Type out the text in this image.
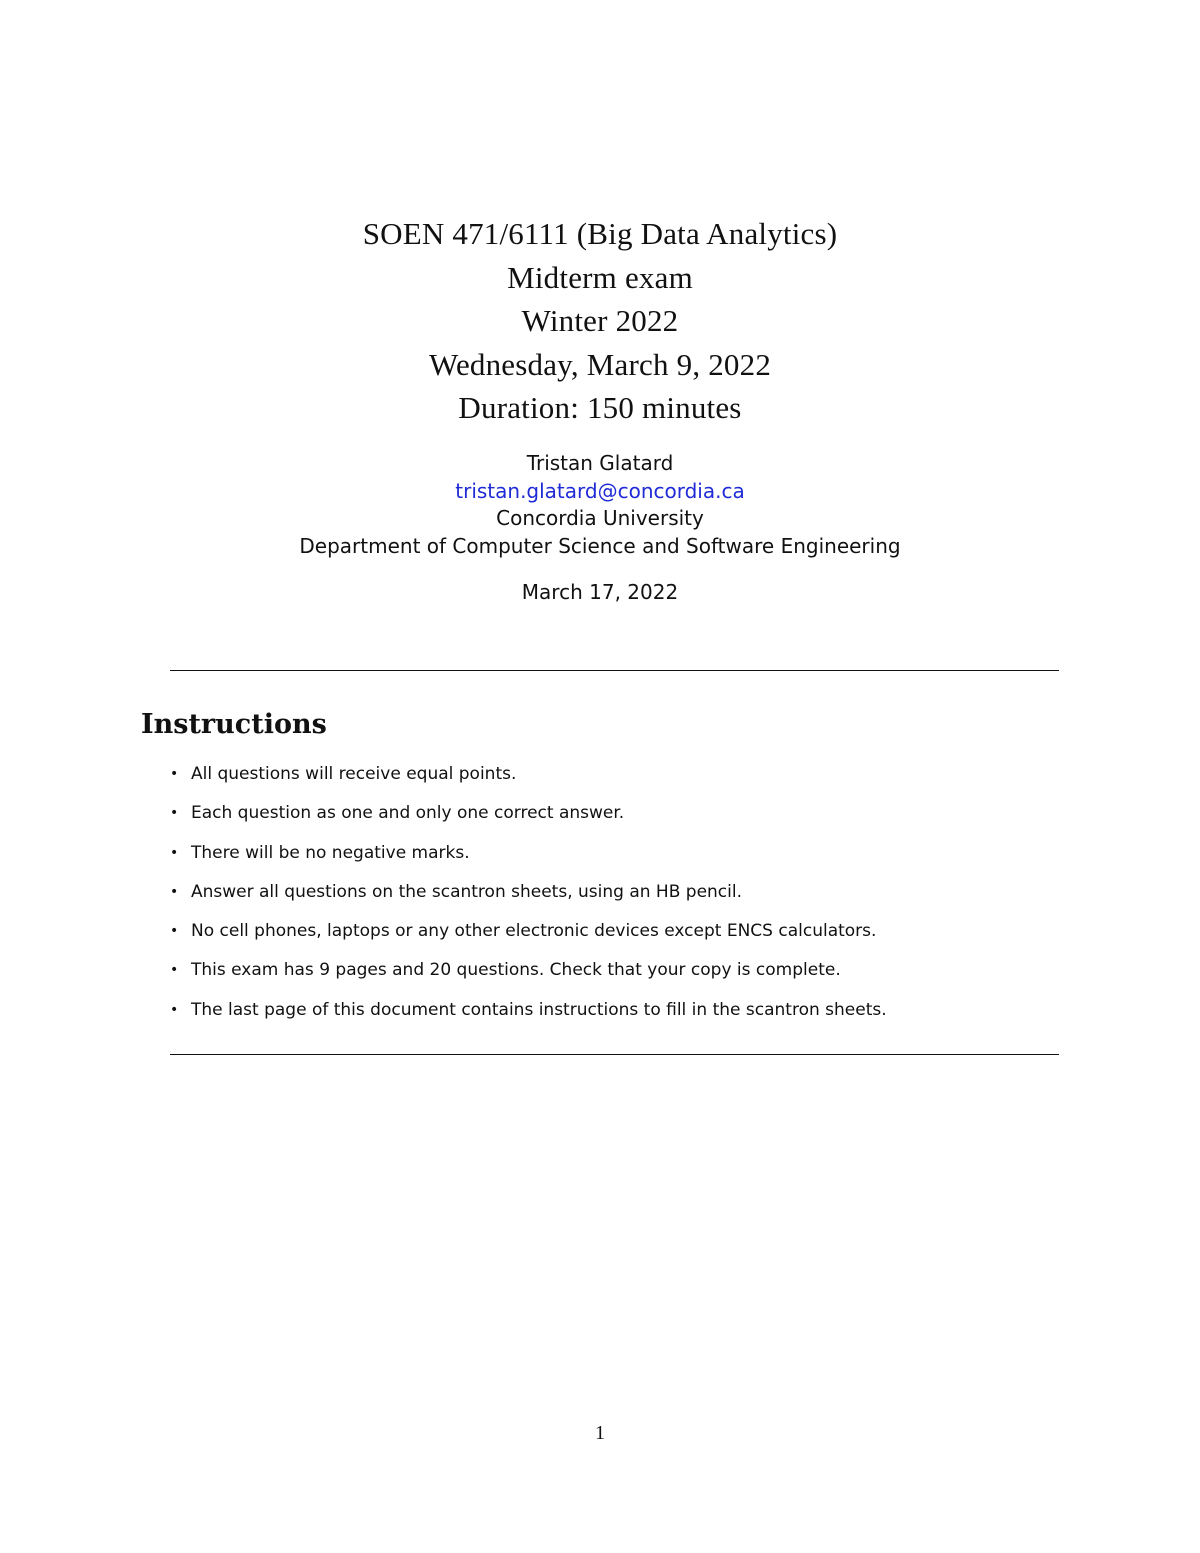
SOEN 471/6111 (Big Data Analytics)

Midterm exam

Winter 2022

Wednesday, March 9, 2022

Duration: 150 minutes

Tristan Glatard

tristan.glatard@concordia.ca

Concordia University

Department of Computer Science and Software Engineering

March 17, 2022

Instructions
• All questions will receive equal points.
• Each question as one and only one correct answer.
• There will be no negative marks.
• Answer all questions on the scantron sheets, using an HB pencil.
• No cell phones, laptops or any other electronic devices except ENCS calculators.
• This exam has 9 pages and 20 questions. Check that your copy is complete.
• The last page of this document contains instructions to fill in the scantron sheets.

1
